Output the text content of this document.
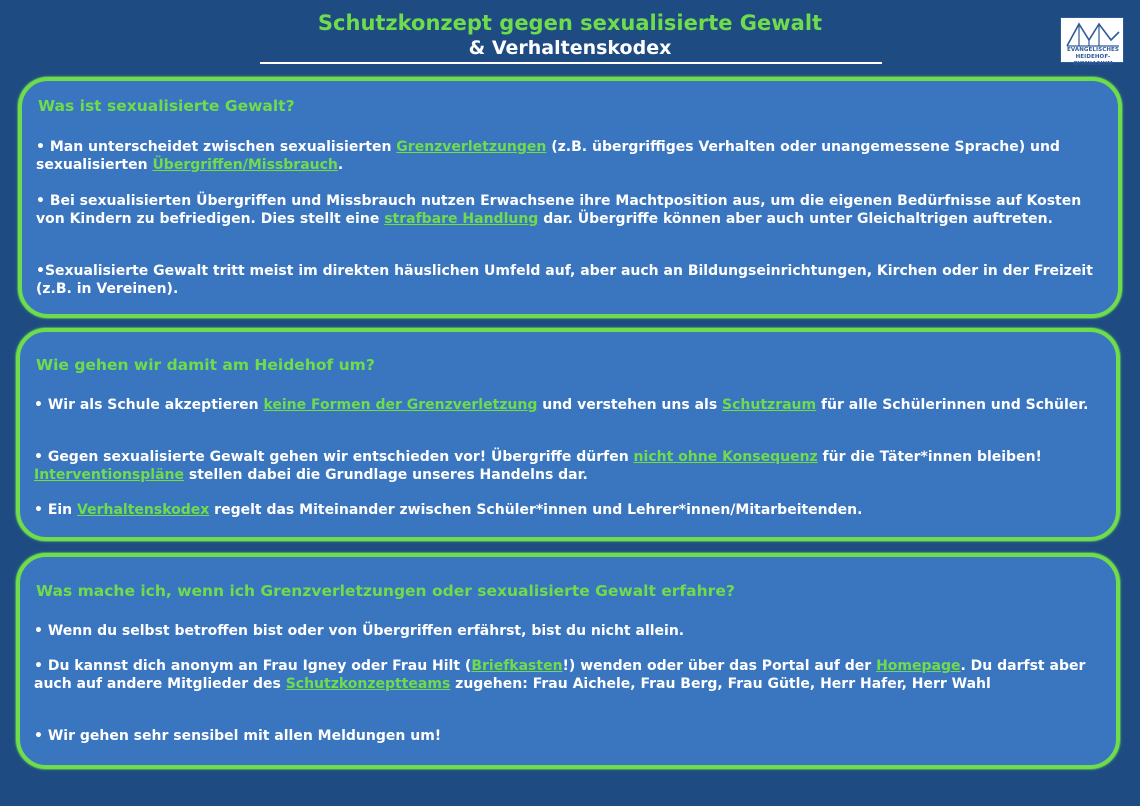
Schutzkonzept gegen sexualisierte Gewalt
& Verhaltenskodex	EVANGELISCHES
HEIDEHOF-GYMNASIUM
Was ist sexualisierte Gewalt?

• Man unterscheidet zwischen sexualisierten Grenzverletzungen (z.B. übergriffiges Verhalten oder unangemessene Sprache) und sexualisierten Übergriffen/Missbrauch.

• Bei sexualisierten Übergriffen und Missbrauch nutzen Erwachsene ihre Machtposition aus, um die eigenen Bedürfnisse auf Kosten von Kindern zu befriedigen. Dies stellt eine strafbare Handlung dar. Übergriffe können aber auch unter Gleichaltrigen auftreten.

•Sexualisierte Gewalt tritt meist im direkten häuslichen Umfeld auf, aber auch an Bildungseinrichtungen, Kirchen oder in der Freizeit (z.B. in Vereinen).

Wie gehen wir damit am Heidehof um?

• Wir als Schule akzeptieren keine Formen der Grenzverletzung und verstehen uns als Schutzraum für alle Schülerinnen und Schüler.

• Gegen sexualisierte Gewalt gehen wir entschieden vor! Übergriffe dürfen nicht ohne Konsequenz für die Täter*innen bleiben! Interventionspläne stellen dabei die Grundlage unseres Handelns dar.

• Ein Verhaltenskodex regelt das Miteinander zwischen Schüler*innen und Lehrer*innen/Mitarbeitenden.

Was mache ich, wenn ich Grenzverletzungen oder sexualisierte Gewalt erfahre?

• Wenn du selbst betroffen bist oder von Übergriffen erfährst, bist du nicht allein.

• Du kannst dich anonym an Frau Igney oder Frau Hilt (Briefkasten!) wenden oder über das Portal auf der Homepage. Du darfst aber auch auf andere Mitglieder des Schutzkonzeptteams zugehen: Frau Aichele, Frau Berg, Frau Gütle, Herr Hafer, Herr Wahl

• Wir gehen sehr sensibel mit allen Meldungen um!
